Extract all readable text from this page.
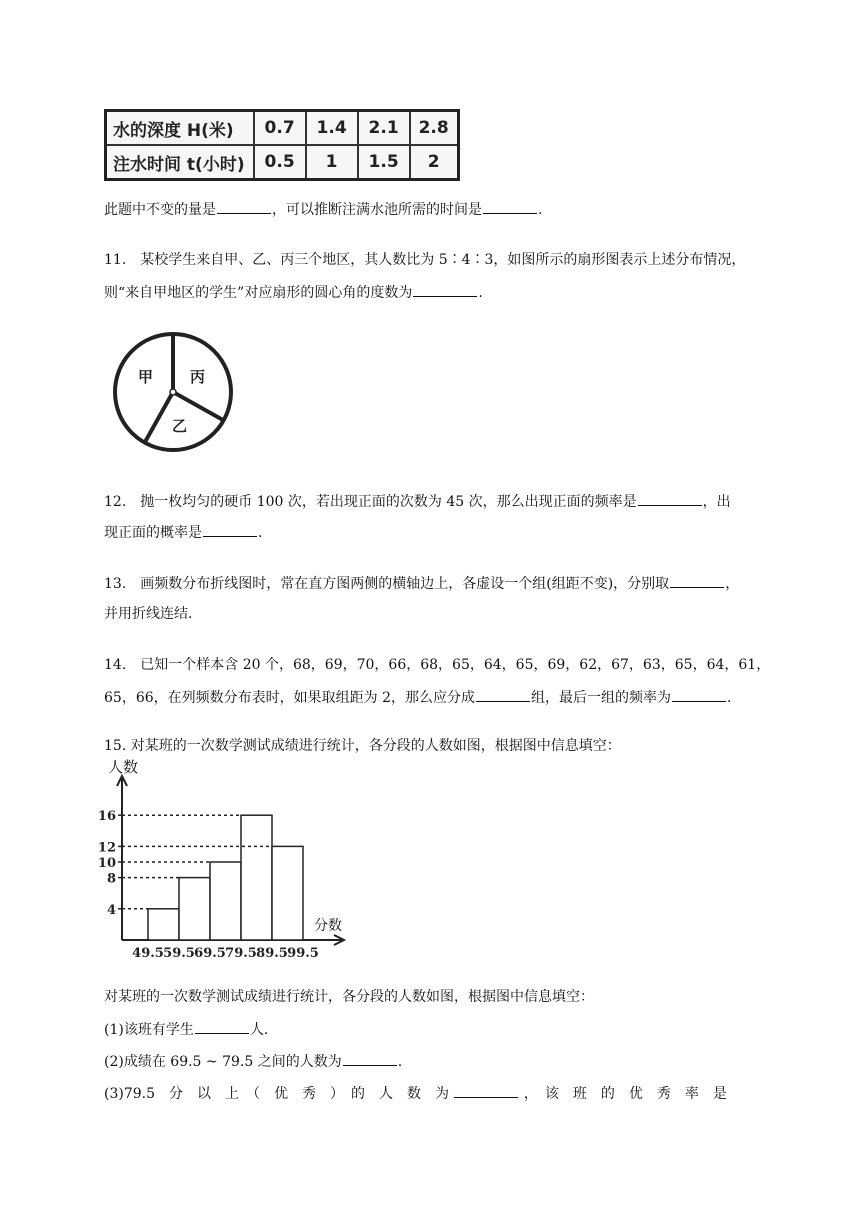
水的深度 H(米)	0.7	1.4	2.1	2.8
注水时间 t(小时)	0.5	1	1.5	2
此题中不变的量是	，可以推断注满水池所需的时间是	.
11.　某校学生来自甲、乙、丙三个地区，其人数比为 5∶4∶3，如图所示的扇形图表示上述分布情况，
则“来自甲地区的学生”对应扇形的圆心角的度数为	.
甲 丙
乙
12.　抛一枚均匀的硬币 100 次，若出现正面的次数为 45 次，那么出现正面的频率是	，出
现正面的概率是	.
13.　画频数分布折线图时，常在直方图两侧的横轴边上，各虚设一个组(组距不变)，分别取	，
并用折线连结.
14.　已知一个样本含 20 个，68，69，70，66，68，65，64，65，69，62，67，63，65，64，61，
65，66，在列频数分布表时，如果取组距为 2，那么应分成	组，最后一组的频率为	.
15. 对某班的一次数学测试成绩进行统计，各分段的人数如图，根据图中信息填空：
人数
分数
4
8
10
12
16
49.5 59.5 69.5 79.5 89.5 99.5
对某班的一次数学测试成绩进行统计，各分段的人数如图，根据图中信息填空：
(1)该班有学生	人.
(2)成绩在 69.5 ~ 79.5 之间的人数为	.
(3)79.5　分　以　上　（　优　秀　）　的　人　数　为	，　该　班　的　优　秀　率　是
